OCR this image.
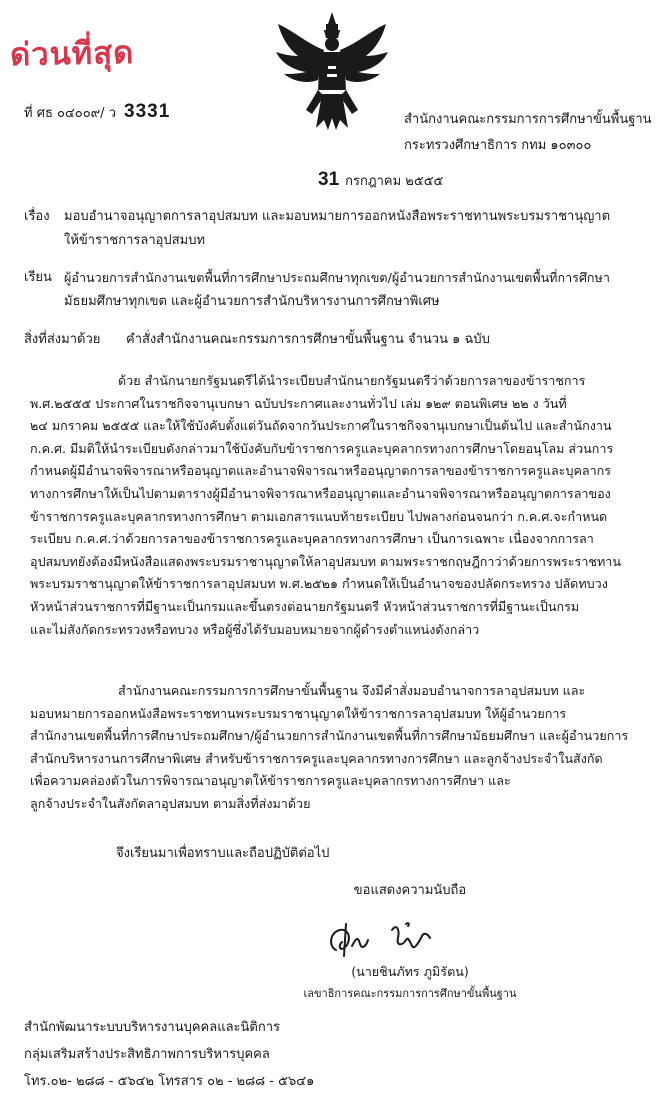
ด่วนที่สุด
ที่ ศธ ๐๔๐๐๙/ ว 3331	สำนักงานคณะกรรมการการศึกษาขั้นพื้นฐาน
กระทรวงศึกษาธิการ กทม ๑๐๓๐๐
31 กรกฎาคม ๒๕๕๕
เรื่อง มอบอำนาจอนุญาตการลาอุปสมบท และมอบหมายการออกหนังสือพระราชทานพระบรมราชานุญาต
ให้ข้าราชการลาอุปสมบท
เรียน ผู้อำนวยการสำนักงานเขตพื้นที่การศึกษาประถมศึกษาทุกเขต/ผู้อำนวยการสำนักงานเขตพื้นที่การศึกษา
มัธยมศึกษาทุกเขต และผู้อำนวยการสำนักบริหารงานการศึกษาพิเศษ
สิ่งที่ส่งมาด้วย คำสั่งสำนักงานคณะกรรมการการศึกษาขั้นพื้นฐาน จำนวน ๑ ฉบับ
ด้วย สำนักนายกรัฐมนตรีได้นำระเบียบสำนักนายกรัฐมนตรีว่าด้วยการลาของข้าราชการ
พ.ศ.๒๕๕๕ ประกาศในราชกิจจานุเบกษา ฉบับประกาศและงานทั่วไป เล่ม ๑๒๙ ตอนพิเศษ ๒๒ ง วันที่
๒๔ มกราคม ๒๕๕๕ และให้ใช้บังคับตั้งแต่วันถัดจากวันประกาศในราชกิจจานุเบกษาเป็นต้นไป และสำนักงาน
ก.ค.ศ. มีมติให้นำระเบียบดังกล่าวมาใช้บังคับกับข้าราชการครูและบุคลากรทางการศึกษาโดยอนุโลม ส่วนการ
กำหนดผู้มีอำนาจพิจารณาหรืออนุญาตและอำนาจพิจารณาหรืออนุญาตการลาของข้าราชการครูและบุคลากร
ทางการศึกษาให้เป็นไปตามตารางผู้มีอำนาจพิจารณาหรืออนุญาตและอำนาจพิจารณาหรืออนุญาตการลาของ
ข้าราชการครูและบุคลากรทางการศึกษา ตามเอกสารแนบท้ายระเบียบ ไปพลางก่อนจนกว่า ก.ค.ศ.จะกำหนด
ระเบียบ ก.ค.ศ.ว่าด้วยการลาของข้าราชการครูและบุคลากรทางการศึกษา เป็นการเฉพาะ เนื่องจากการลา
อุปสมบทยังต้องมีหนังสือแสดงพระบรมราชานุญาตให้ลาอุปสมบท ตามพระราชกฤษฎีกาว่าด้วยการพระราชทาน
พระบรมราชานุญาตให้ข้าราชการลาอุปสมบท พ.ศ.๒๕๒๑ กำหนดให้เป็นอำนาจของปลัดกระทรวง ปลัดทบวง
หัวหน้าส่วนราชการที่มีฐานะเป็นกรมและขึ้นตรงต่อนายกรัฐมนตรี หัวหน้าส่วนราชการที่มีฐานะเป็นกรม
และไม่สังกัดกระทรวงหรือทบวง หรือผู้ซึ่งได้รับมอบหมายจากผู้ดำรงตำแหน่งดังกล่าว
สำนักงานคณะกรรมการการศึกษาขั้นพื้นฐาน จึงมีคำสั่งมอบอำนาจการลาอุปสมบท และ
มอบหมายการออกหนังสือพระราชทานพระบรมราชานุญาตให้ข้าราชการลาอุปสมบท ให้ผู้อำนวยการ
สำนักงานเขตพื้นที่การศึกษาประถมศึกษา/ผู้อำนวยการสำนักงานเขตพื้นที่การศึกษามัธยมศึกษา และผู้อำนวยการ
สำนักบริหารงานการศึกษาพิเศษ สำหรับข้าราชการครูและบุคลากรทางการศึกษา และลูกจ้างประจำในสังกัด
เพื่อความคล่องตัวในการพิจารณาอนุญาตให้ข้าราชการครูและบุคลากรทางการศึกษา และ
ลูกจ้างประจำในสังกัดลาอุปสมบท ตามสิ่งที่ส่งมาด้วย
จึงเรียนมาเพื่อทราบและถือปฏิบัติต่อไป
ขอแสดงความนับถือ
(นายชินภัทร ภูมิรัตน)
เลขาธิการคณะกรรมการการศึกษาขั้นพื้นฐาน
สำนักพัฒนาระบบบริหารงานบุคคลและนิติการ
กลุ่มเสริมสร้างประสิทธิภาพการบริหารบุคคล
โทร.๐๒- ๒๘๘ - ๕๖๔๒ โทรสาร ๐๒ - ๒๘๘ - ๕๖๔๑
